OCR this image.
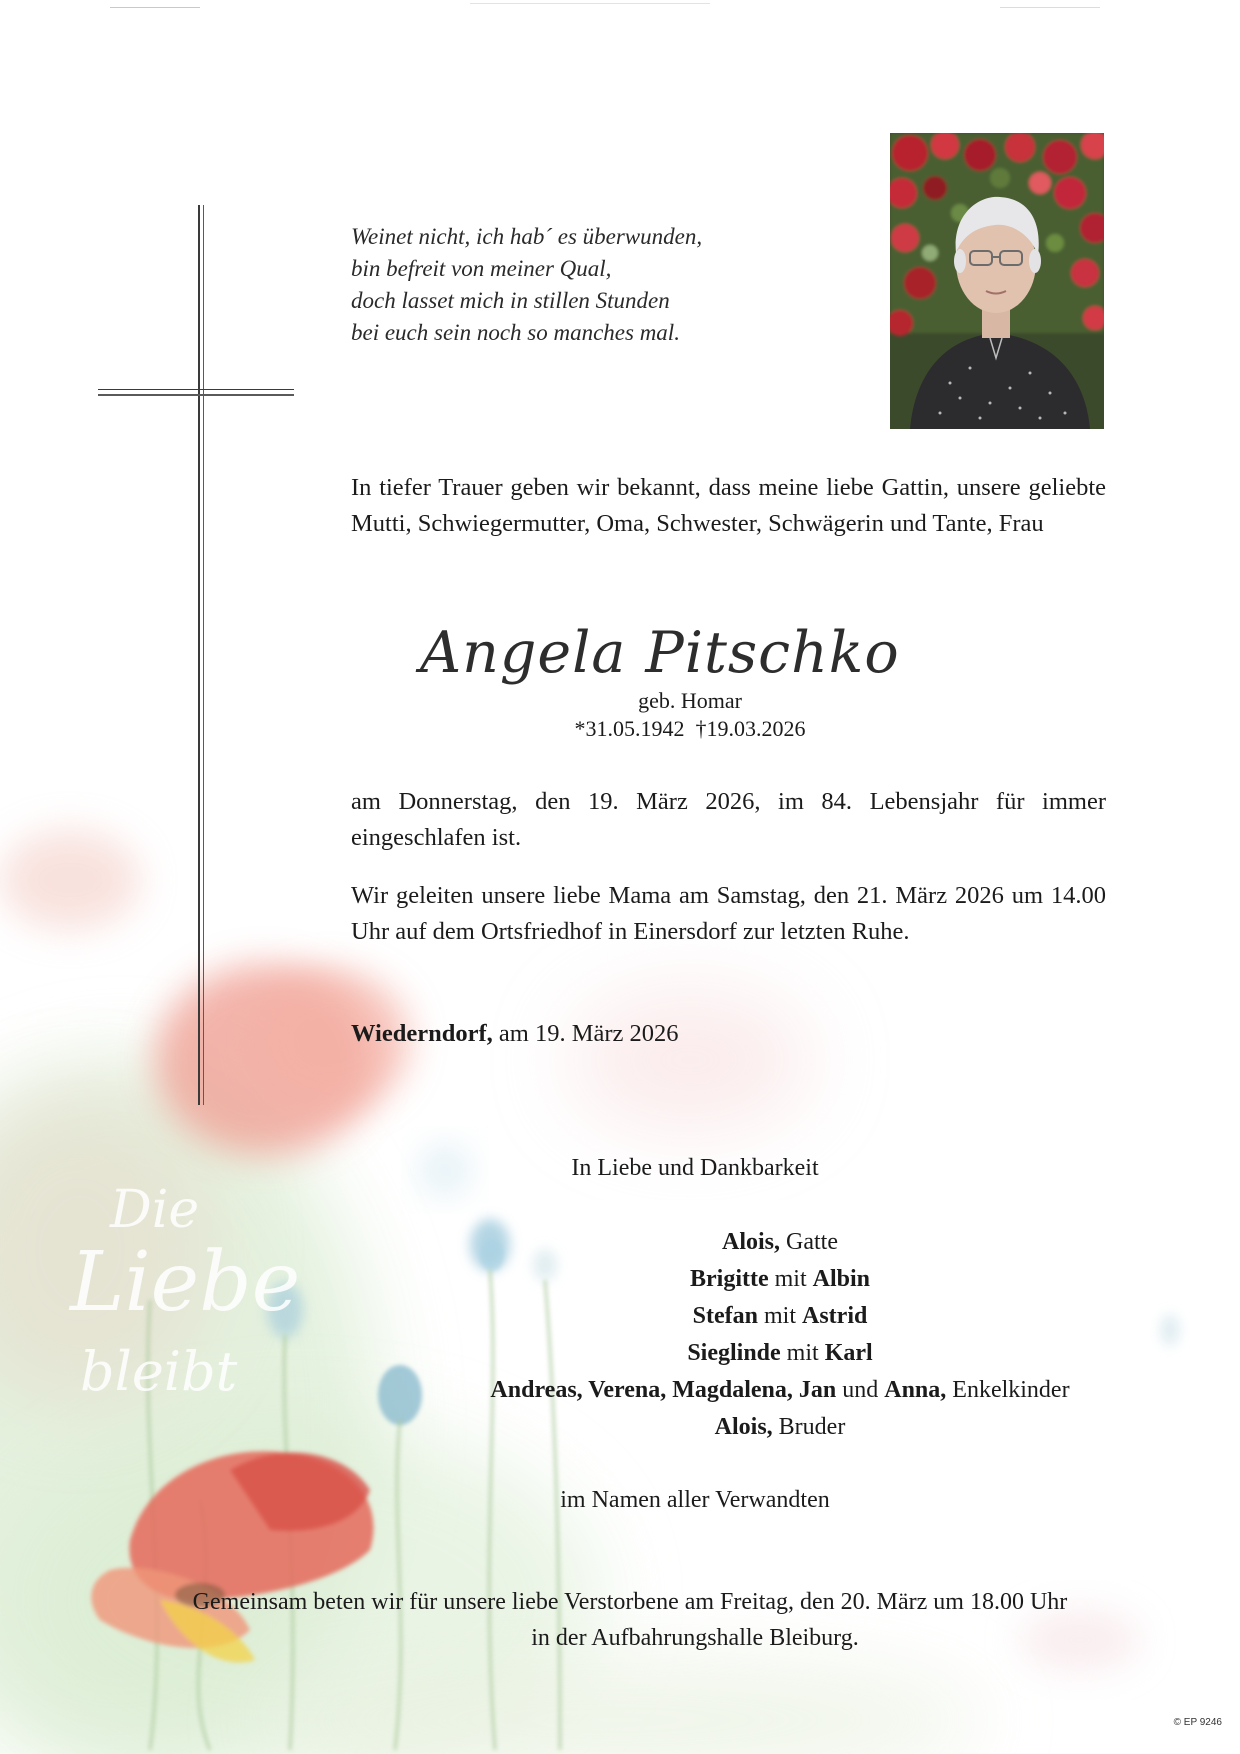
Die
Liebe
bleibt
Weinet nicht, ich hab´ es überwunden,
bin befreit von meiner Qual,
doch lasset mich in stillen Stunden
bei euch sein noch so manches mal.
In tiefer Trauer geben wir bekannt, dass meine liebe Gattin, unsere geliebte Mutti, Schwiegermutter, Oma, Schwester, Schwägerin und Tante, Frau
Angela Pitschko
geb. Homar
*31.05.1942  †19.03.2026
am Donnerstag, den 19. März 2026, im 84. Lebensjahr für immer eingeschlafen ist.
Wir geleiten unsere liebe Mama am Samstag, den 21. März 2026 um 14.00 Uhr auf dem Ortsfriedhof in Einersdorf zur letzten Ruhe.
Wiederndorf, am 19. März 2026
In Liebe und Dankbarkeit
Alois, Gatte
Brigitte mit Albin
Stefan mit Astrid
Sieglinde mit Karl
Andreas, Verena, Magdalena, Jan und Anna, Enkelkinder
Alois, Bruder
im Namen aller Verwandten
Gemeinsam beten wir für unsere liebe Verstorbene am Freitag, den 20. März um 18.00 Uhr
in der Aufbahrungshalle Bleiburg.
© EP 9246
